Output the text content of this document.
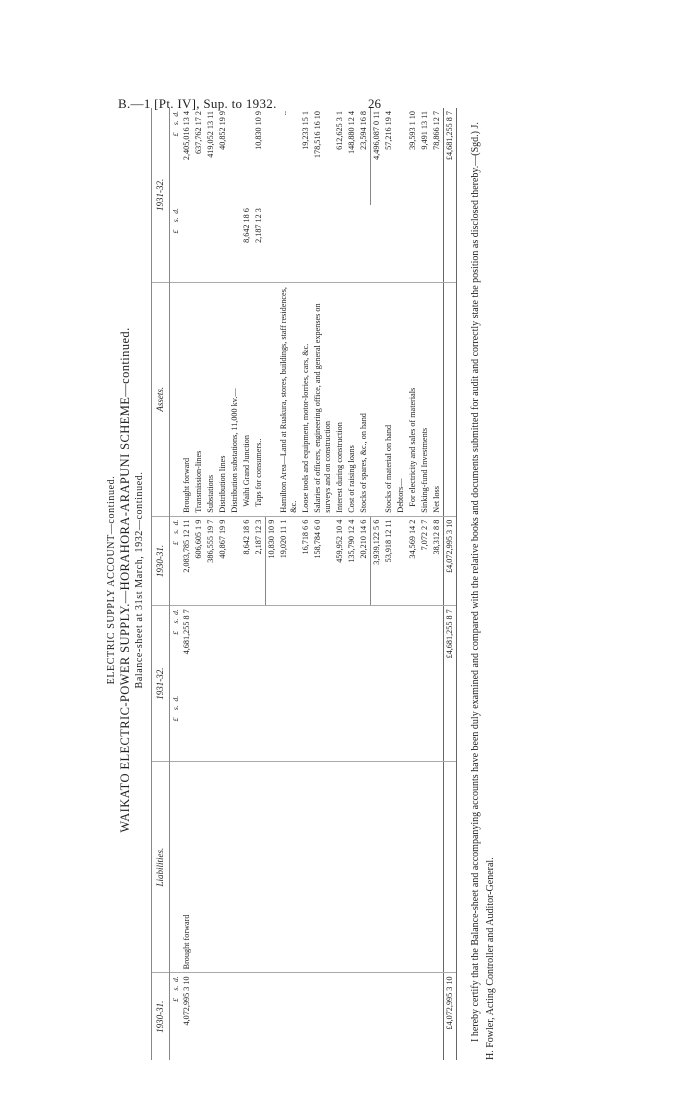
B.—1 [Pt. IV], Sup. to 1932.	26
ELECTRIC SUPPLY ACCOUNT—continued. WAIKATO ELECTRIC-POWER SUPPLY.—HORAHORA-ARAPUNI SCHEME—continued. Balance-sheet at 31st March, 1932—continued.
1930-31.	Liabilities.	1931-32.		1930-31.	Assets.	1931-32.	
£    s.  d.		£    s.  d.	£    s.  d.	£    s.  d.		£    s.  d.	£    s.  d.
4,072,995 3 10	Brought forward		4,681,255 8 7	2,083,785 12 11	Brought forward		2,405,016 13 4
				606,605 1 9	Transmission-lines		637,762 17 2
				386,555 19 7	Substations		419,052 13 11
				40,867 19 9	Distribution lines		40,852 19 9
					Distribution substations, 11,000 kv.—		
				8,642 18 6	Waihi Grand Junction	8,642 18 6	
				2,187 12 3	Taps for consumers..	2,187 12 3	10,830 10 9
				10,830 10 9			
				19,020 11 1	Hamilton Area—Land at Ruakura, stores, buildings, staff residences, &c.		..
				16,718 6 6	Loose tools and equipment, motor-lorries, cars, &c.		19,233 15 1
				158,784 6 0	Salaries of officers, engineering office, and general expenses on surveys and on construction		178,516 16 10
				459,952 10 4	Interest during construction		612,625 3 1
				135,790 12 4	Cost of raising loans		148,880 12 4
				20,210 14 6	Stocks of spares, &c., on hand		23,594 16 8
				3,939,122 5 6			4,496,087 0 11
				53,918 12 11	Stocks of material on hand		57,216 19 4
					Debtors—		
				34,569 14 2	For electricity and sales of materials		39,593 1 10
				7,072 2 7	Sinking-fund Investments		9,491 13 11
				38,312 8 8	Net loss		78,866 12 7
£4,072,995 3 10			£4,681,255 8 7	£4,072,995 3 10			£4,681,255 8 7 I hereby certify that the Balance-sheet and accompanying accounts have been duly examined and compared with the relative books and documents submitted for audit and correctly state the position as disclosed thereby.—(Sgd.) J. H. Fowler, Acting Controller and Auditor-General.
